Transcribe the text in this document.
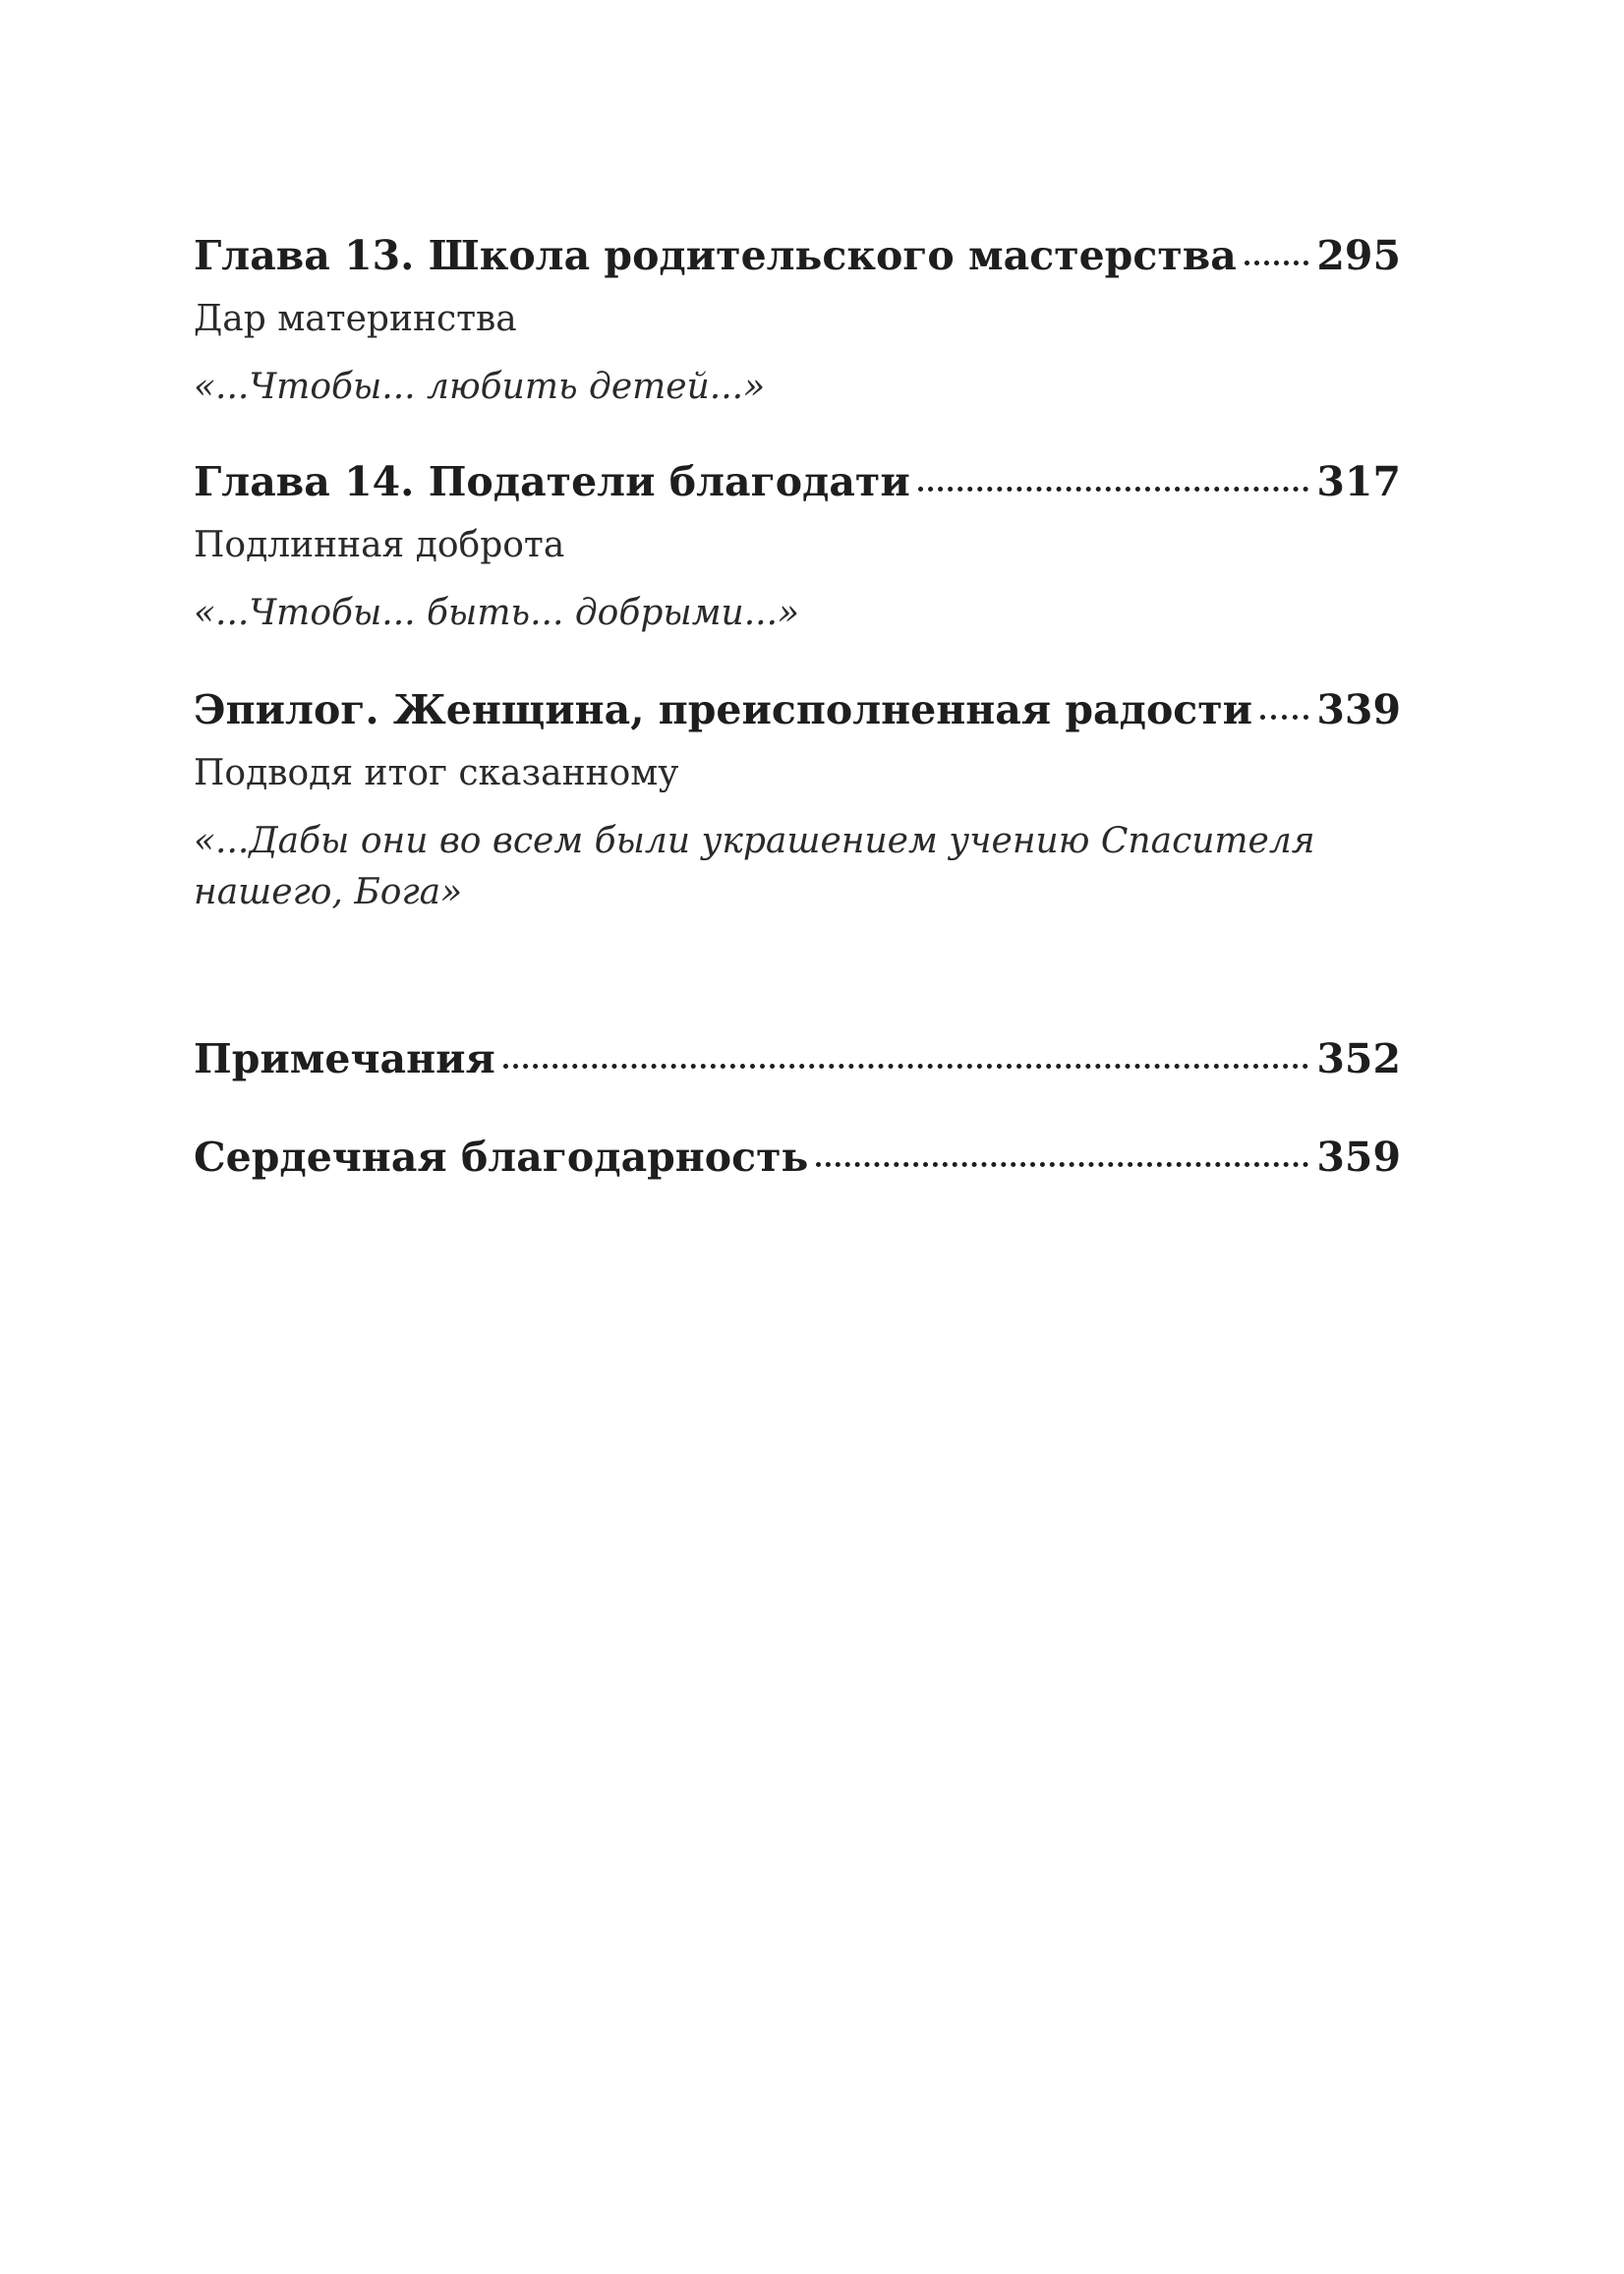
Глава 13. Школа родительского мастерства 295
Дар материнства
«...Чтобы... любить детей...»
Глава 14. Податели благодати	317
Подлинная доброта
«...Чтобы... быть... добрыми...»
Эпилог. Женщина, преисполненная радости 339
Подводя итог сказанному
«...Дабы они во всем были украшением учению Спасителя нашего, Бога»
Примечания	352
Сердечная благодарность	359
